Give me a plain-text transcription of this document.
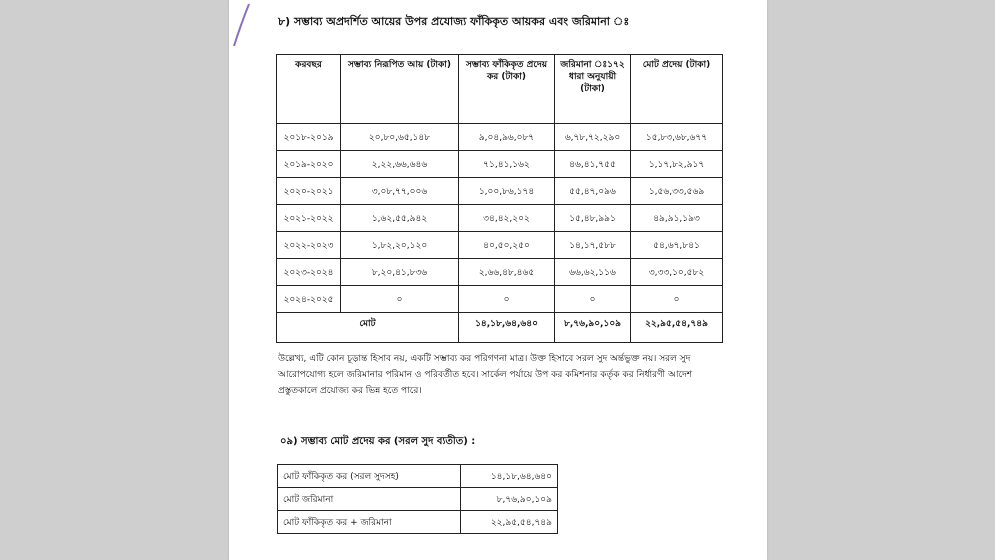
৮) সম্ভাব্য অপ্রদর্শিত আয়ের উপর প্রযোজ্য ফাঁকিকৃত আয়কর এবং জরিমানা ঃ
করবছর	সম্ভাব্য নিরূপিত আয় (টাকা)	সম্ভাব্য ফাঁকিকৃত প্রদেয় কর (টাকা)	জরিমানা ঃ১৭২ ধারা অনুযায়ী (টাকা)	মোট প্রদেয় (টাকা)
২০১৮-২০১৯	২০,৮০,৬৫,১৪৮	৯,০৪,৯৬,০৮৭	৬,৭৮,৭২,২৯০	১৫,৮৩,৬৮,৬৭৭
২০১৯-২০২০	২,২২,৬৬,৬৪৬	৭১,৪১,১৬২	৪৬,৪১,৭৫৫	১,১৭,৮২,৯১৭
২০২০-২০২১	৩,০৮,৭৭,০০৬	১,০০,৮৬,১৭৪	৫৫,৪৭,০৯৬	১,৫৬,৩৩,৫৬৯
২০২১-২০২২	১,৬২,৫৫,৯৪২	৩৪,৪২,২০২	১৫,৪৮,৯৯১	৪৯,৯১,১৯৩
২০২২-২০২৩	১,৮২,২০,১২০	৪০,৫০,২৫০	১৪,১৭,৫৮৮	৫৪,৬৭,৮৪১
২০২৩-২০২৪	৮,২০,৪১,৮৩৬	২,৬৬,৪৮,৪৬৫	৬৬,৬২,১১৬	৩,৩৩,১০,৫৮২
২০২৪-২০২৫	০	০	০	০
মোট		১৪,১৮,৬৪,৬৪০	৮,৭৬,৯০,১০৯	২২,৯৫,৫৪,৭৪৯
উল্লেখ্য, এটি কোন চূড়ান্ত হিসাব নয়, একটি সম্ভাব্য কর পরিগণনা মাত্র। উক্ত হিসাবে সরল সুদ অর্ন্তভুক্ত নয়। সরল সুদ আরোপযোগ্য হলে জরিমানার পরিমান ও পরিবর্তীত হবে। সার্কেল পর্যায়ে উপ কর কমিশনার কর্তৃক কর নির্ধারণী আদেশ প্রস্তুতকালে প্রযোজ্য কর ভিন্ন হতে পারে।
০৯) সম্ভাব্য মোট প্রদেয় কর (সরল সুদ ব্যতীত) :
মোট ফাঁকিকৃত কর (সরল সুদসহ)	১৪,১৮,৬৪,৬৪০
মোট জরিমানা	৮,৭৬,৯০,১০৯
মোট ফাঁকিকৃত কর + জরিমানা	২২,৯৫,৫৪,৭৪৯
